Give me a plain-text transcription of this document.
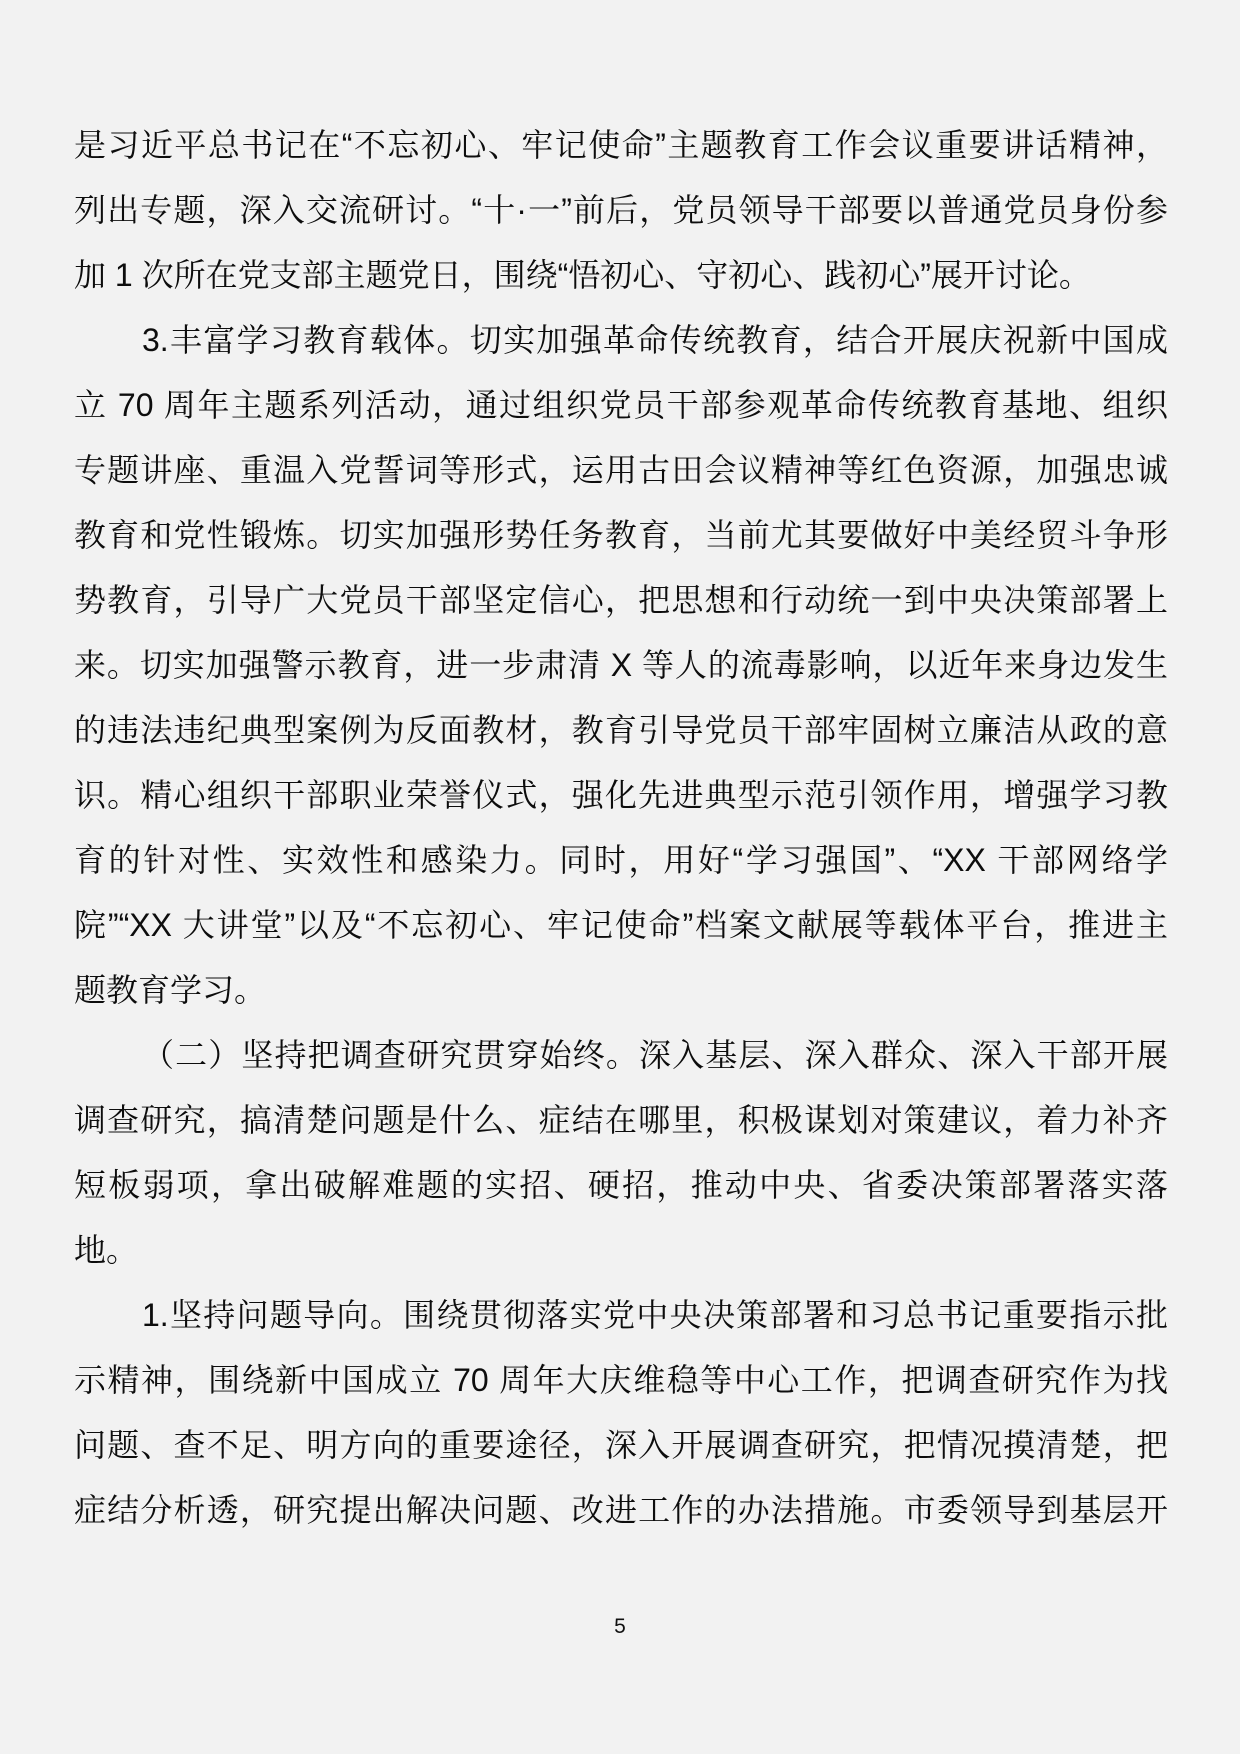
是习近平总书记在“不忘初心、牢记使命”主题教育工作会议重要讲话精神，
列出专题，深入交流研讨。“十·一”前后，党员领导干部要以普通党员身份参
加 1 次所在党支部主题党日，围绕“悟初心、守初心、践初心”展开讨论。
3.丰富学习教育载体。切实加强革命传统教育，结合开展庆祝新中国成
立 70 周年主题系列活动，通过组织党员干部参观革命传统教育基地、组织
专题讲座、重温入党誓词等形式，运用古田会议精神等红色资源，加强忠诚
教育和党性锻炼。切实加强形势任务教育，当前尤其要做好中美经贸斗争形
势教育，引导广大党员干部坚定信心，把思想和行动统一到中央决策部署上
来。切实加强警示教育，进一步肃清 X 等人的流毒影响，以近年来身边发生
的违法违纪典型案例为反面教材，教育引导党员干部牢固树立廉洁从政的意
识。精心组织干部职业荣誉仪式，强化先进典型示范引领作用，增强学习教
育的针对性、实效性和感染力。同时，用好“学习强国”、“XX 干部网络学
院”“XX 大讲堂”以及“不忘初心、牢记使命”档案文献展等载体平台，推进主
题教育学习。
（二）坚持把调查研究贯穿始终。深入基层、深入群众、深入干部开展
调查研究，搞清楚问题是什么、症结在哪里，积极谋划对策建议，着力补齐
短板弱项，拿出破解难题的实招、硬招，推动中央、省委决策部署落实落
地。
1.坚持问题导向。围绕贯彻落实党中央决策部署和习总书记重要指示批
示精神，围绕新中国成立 70 周年大庆维稳等中心工作，把调查研究作为找
问题、查不足、明方向的重要途径，深入开展调查研究，把情况摸清楚，把
症结分析透，研究提出解决问题、改进工作的办法措施。市委领导到基层开
5
